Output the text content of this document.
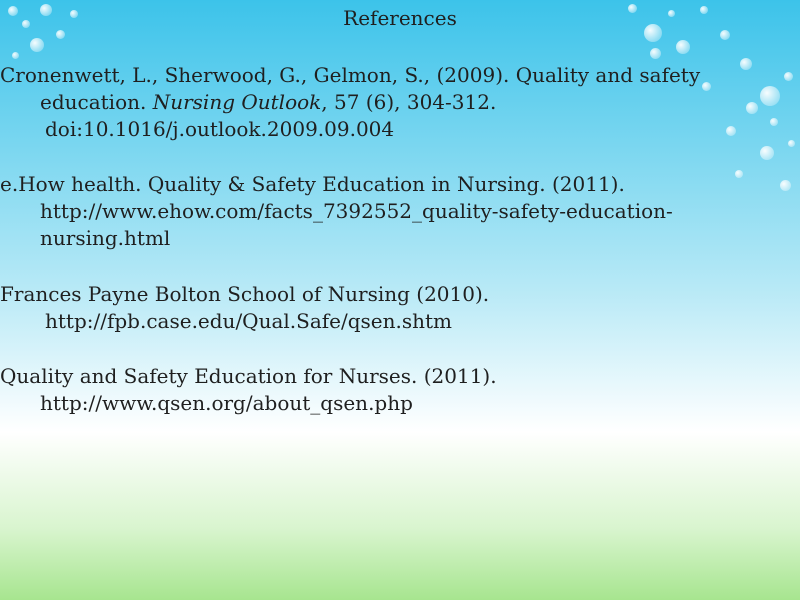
References
Cronenwett, L., Sherwood, G., Gelmon, S., (2009). Quality and safety
education. Nursing Outlook, 57 (6), 304-312.
doi:10.1016/j.outlook.2009.09.004
e.How health. Quality & Safety Education in Nursing. (2011).
http://www.ehow.com/facts_7392552_quality-safety-education-
nursing.html
Frances Payne Bolton School of Nursing (2010).
http://fpb.case.edu/Qual.Safe/qsen.shtm
Quality and Safety Education for Nurses. (2011).
http://www.qsen.org/about_qsen.php
